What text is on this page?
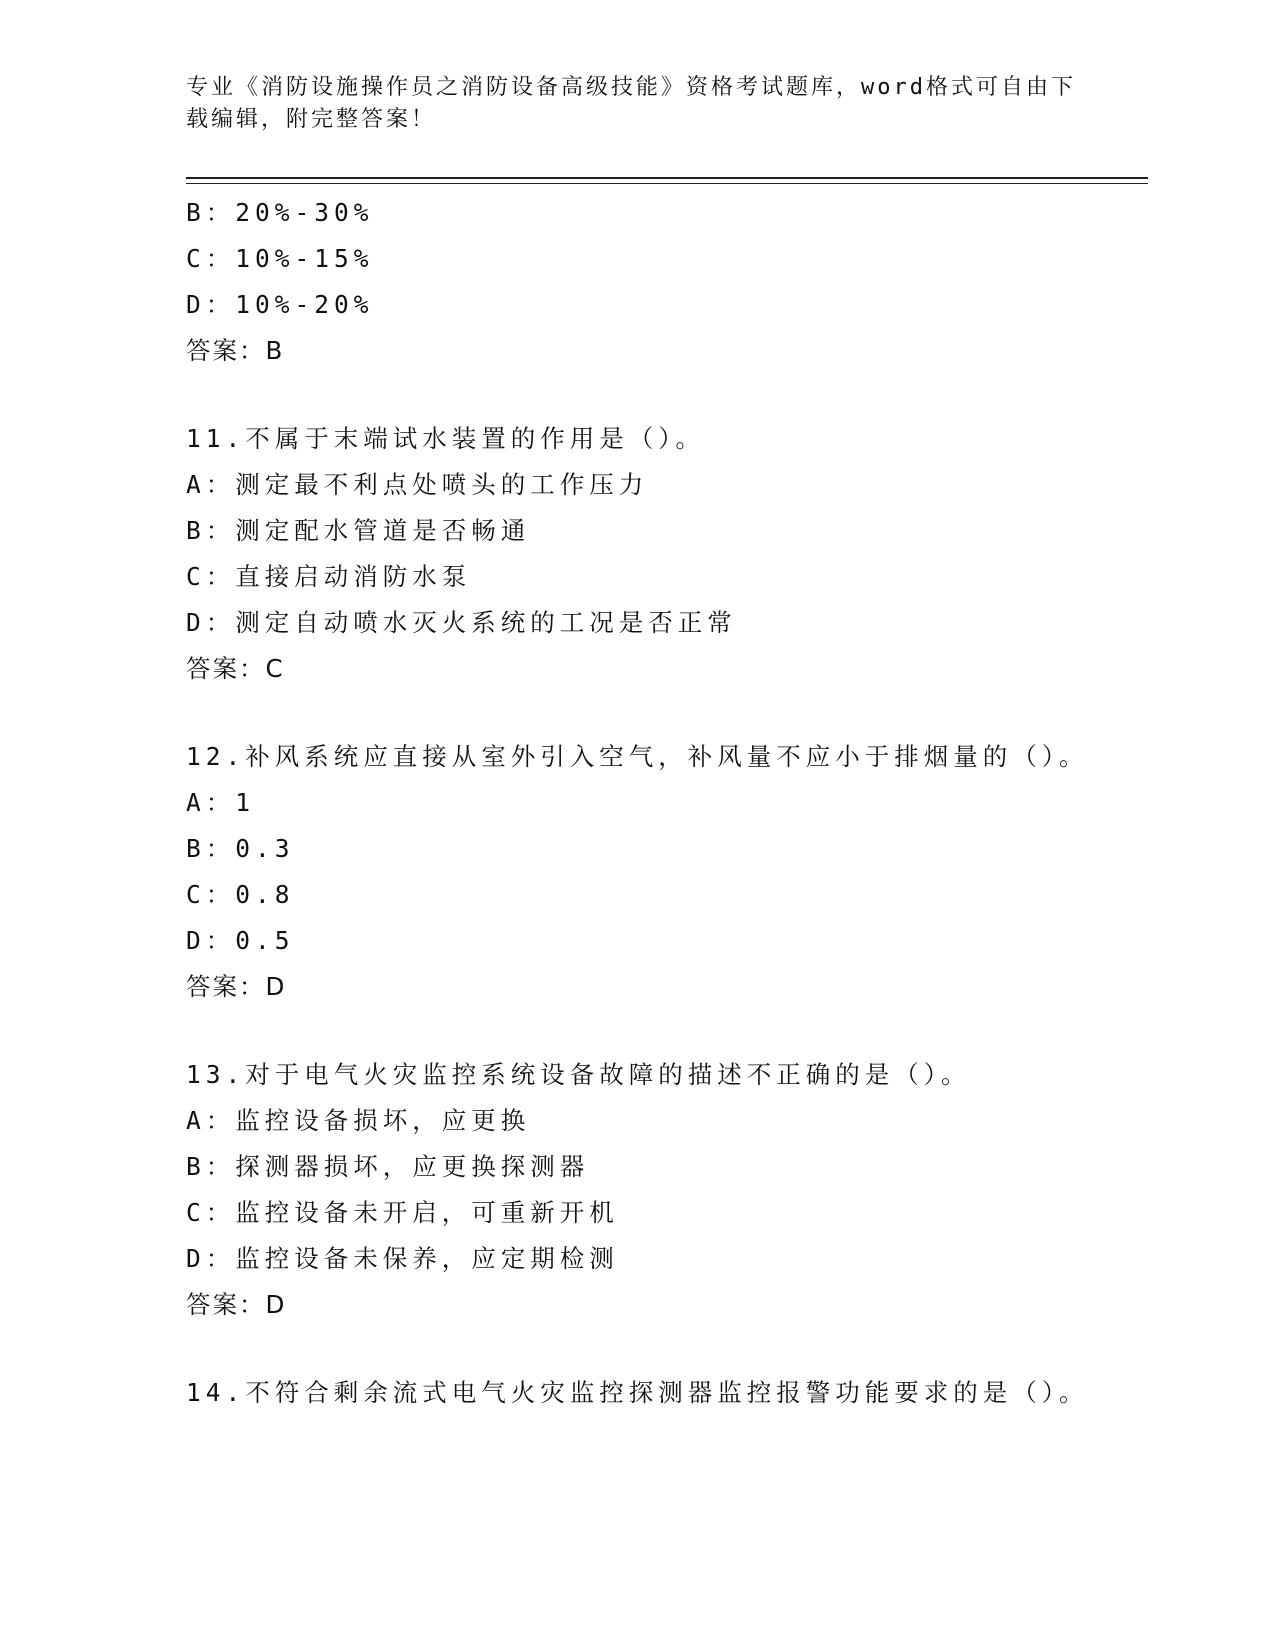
专业《消防设施操作员之消防设备高级技能》资格考试题库，word格式可自由下
载编辑，附完整答案！
B：20%-30%
C：10%-15%
D：10%-20%
答案：B
11.不属于末端试水装置的作用是（）。
A：测定最不利点处喷头的工作压力
B：测定配水管道是否畅通
C：直接启动消防水泵
D：测定自动喷水灭火系统的工况是否正常
答案：C
12.补风系统应直接从室外引入空气，补风量不应小于排烟量的（）。
A：1
B：0.3
C：0.8
D：0.5
答案：D
13.对于电气火灾监控系统设备故障的描述不正确的是（）。
A：监控设备损坏，应更换
B：探测器损坏，应更换探测器
C：监控设备未开启，可重新开机
D：监控设备未保养，应定期检测
答案：D
14.不符合剩余流式电气火灾监控探测器监控报警功能要求的是（）。
